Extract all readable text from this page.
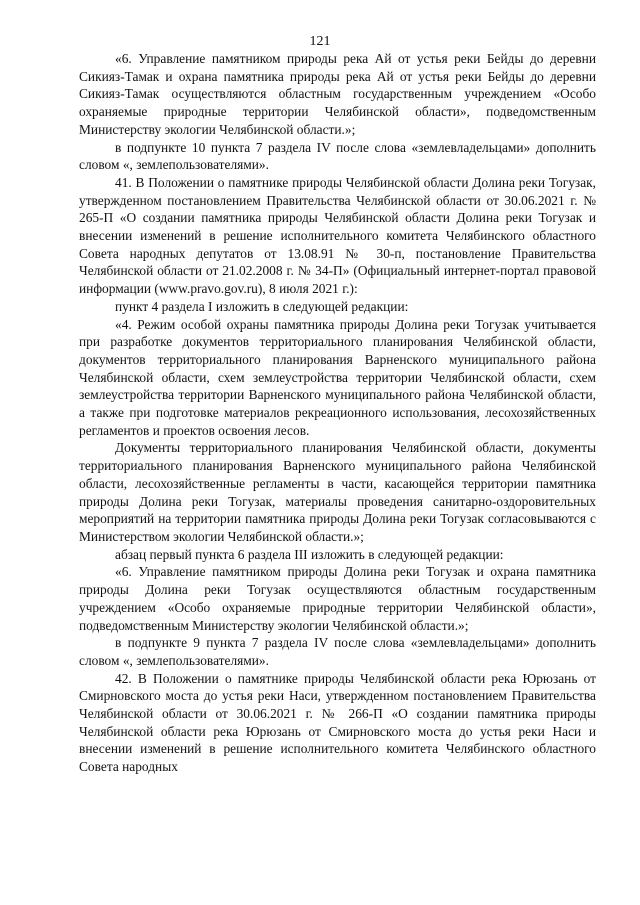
121

«6. Управление памятником природы река Ай от устья реки Бейды до деревни Сикияз-Тамак и охрана памятника природы река Ай от устья реки Бейды до деревни Сикияз-Тамак осуществляются областным государственным учреждением «Особо охраняемые природные территории Челябинской области», подведомственным Министерству экологии Челябинской области.»;

в подпункте 10 пункта 7 раздела IV после слова «землевладельцами» дополнить словом «, землепользователями».

41. В Положении о памятнике природы Челябинской области Долина реки Тогузак, утвержденном постановлением Правительства Челябинской области от 30.06.2021 г. № 265-П «О создании памятника природы Челябинской области Долина реки Тогузак и внесении изменений в решение исполнительного комитета Челябинского областного Совета народных депутатов от 13.08.91 № 30-п, постановление Правительства Челябинской области от 21.02.2008 г. № 34-П» (Официальный интернет-портал правовой информации (www.pravo.gov.ru), 8 июля 2021 г.):

пункт 4 раздела I изложить в следующей редакции:

«4. Режим особой охраны памятника природы Долина реки Тогузак учитывается при разработке документов территориального планирования Челябинской области, документов территориального планирования Варненского муниципального района Челябинской области, схем землеустройства территории Челябинской области, схем землеустройства территории Варненского муниципального района Челябинской области, а также при подготовке материалов рекреационного использования, лесохозяйственных регламентов и проектов освоения лесов.

Документы территориального планирования Челябинской области, документы территориального планирования Варненского муниципального района Челябинской области, лесохозяйственные регламенты в части, касающейся территории памятника природы Долина реки Тогузак, материалы проведения санитарно-оздоровительных мероприятий на территории памятника природы Долина реки Тогузак согласовываются с Министерством экологии Челябинской области.»;

абзац первый пункта 6 раздела III изложить в следующей редакции:

«6. Управление памятником природы Долина реки Тогузак и охрана памятника природы Долина реки Тогузак осуществляются областным государственным учреждением «Особо охраняемые природные территории Челябинской области», подведомственным Министерству экологии Челябинской области.»;

в подпункте 9 пункта 7 раздела IV после слова «землевладельцами» дополнить словом «, землепользователями».

42. В Положении о памятнике природы Челябинской области река Юрюзань от Смирновского моста до устья реки Наси, утвержденном постановлением Правительства Челябинской области от 30.06.2021 г. № 266-П «О создании памятника природы Челябинской области река Юрюзань от Смирновского моста до устья реки Наси и внесении изменений в решение исполнительного комитета Челябинского областного Совета народных
